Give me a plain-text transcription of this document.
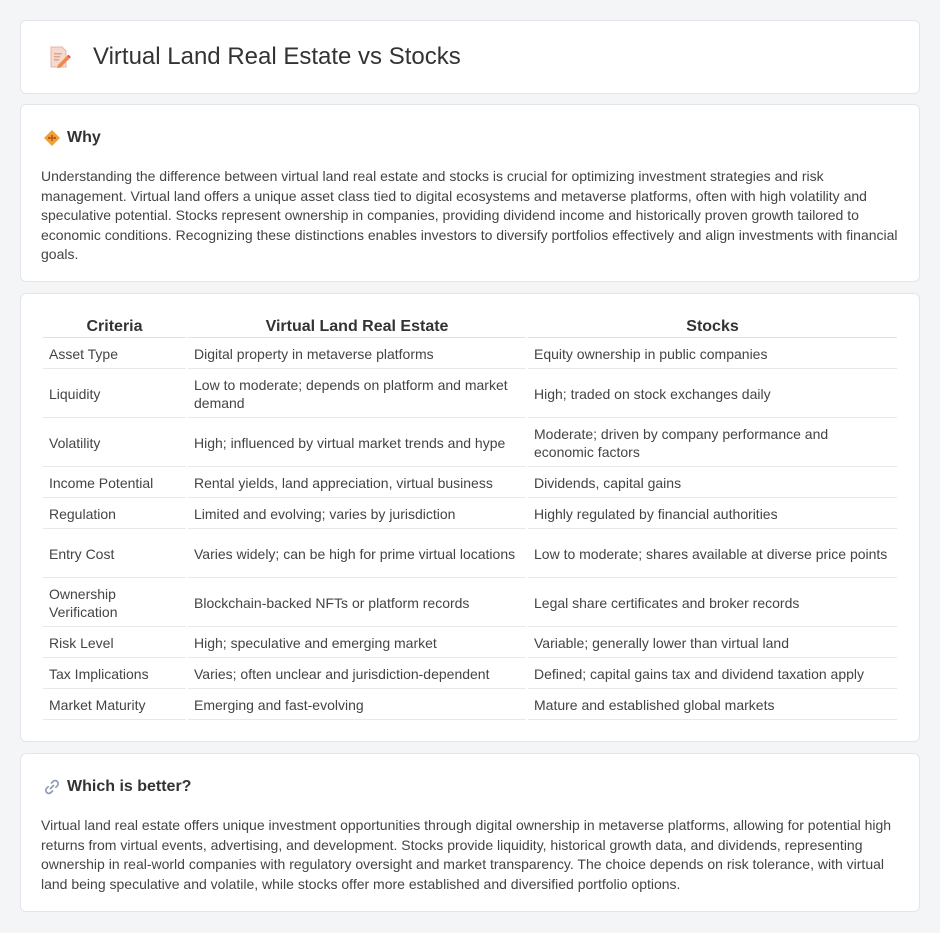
Virtual Land Real Estate vs Stocks
Why

Understanding the difference between virtual land real estate and stocks is crucial for optimizing investment strategies and risk management. Virtual land offers a unique asset class tied to digital ecosystems and metaverse platforms, often with high volatility and speculative potential. Stocks represent ownership in companies, providing dividend income and historically proven growth tailored to economic conditions. Recognizing these distinctions enables investors to diversify portfolios effectively and align investments with financial goals.

Criteria	Virtual Land Real Estate	Stocks
Asset Type	Digital property in metaverse platforms	Equity ownership in public companies
Liquidity	Low to moderate; depends on platform and market demand	High; traded on stock exchanges daily
Volatility	High; influenced by virtual market trends and hype	Moderate; driven by company performance and economic factors
Income Potential	Rental yields, land appreciation, virtual business	Dividends, capital gains
Regulation	Limited and evolving; varies by jurisdiction	Highly regulated by financial authorities
Entry Cost	Varies widely; can be high for prime virtual locations	Low to moderate; shares available at diverse price points
Ownership Verification	Blockchain-backed NFTs or platform records	Legal share certificates and broker records
Risk Level	High; speculative and emerging market	Variable; generally lower than virtual land
Tax Implications	Varies; often unclear and jurisdiction-dependent	Defined; capital gains tax and dividend taxation apply
Market Maturity	Emerging and fast-evolving	Mature and established global markets
Which is better?

Virtual land real estate offers unique investment opportunities through digital ownership in metaverse platforms, allowing for potential high returns from virtual events, advertising, and development. Stocks provide liquidity, historical growth data, and dividends, representing ownership in real-world companies with regulatory oversight and market transparency. The choice depends on risk tolerance, with virtual land being speculative and volatile, while stocks offer more established and diversified portfolio options.
